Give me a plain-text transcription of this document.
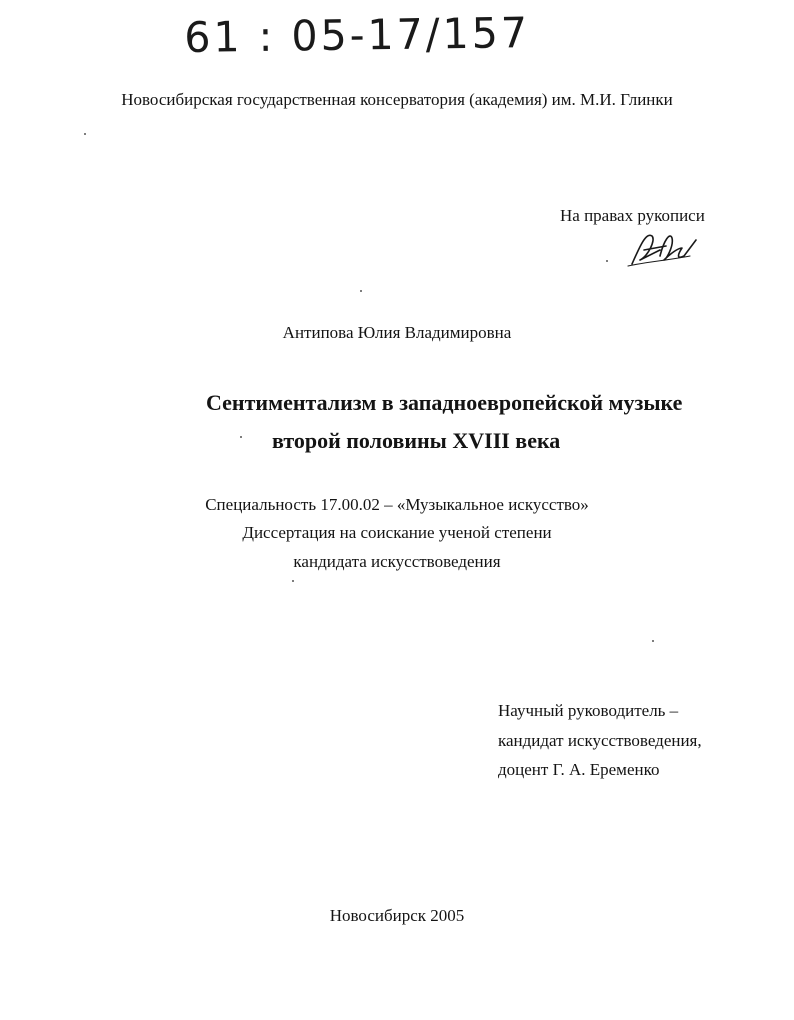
61 : 05-17/157
Новосибирская государственная консерватория (академия) им. М.И. Глинки
На правах рукописи
Антипова Юлия Владимировна
Сентиментализм в западноевропейской музыке
второй половины XVIII века
Специальность 17.00.02 – «Музыкальное искусство»
Диссертация на соискание ученой степени
кандидата искусствоведения
Научный руководитель –
кандидат искусствоведения,
доцент Г. А. Еременко
Новосибирск 2005
